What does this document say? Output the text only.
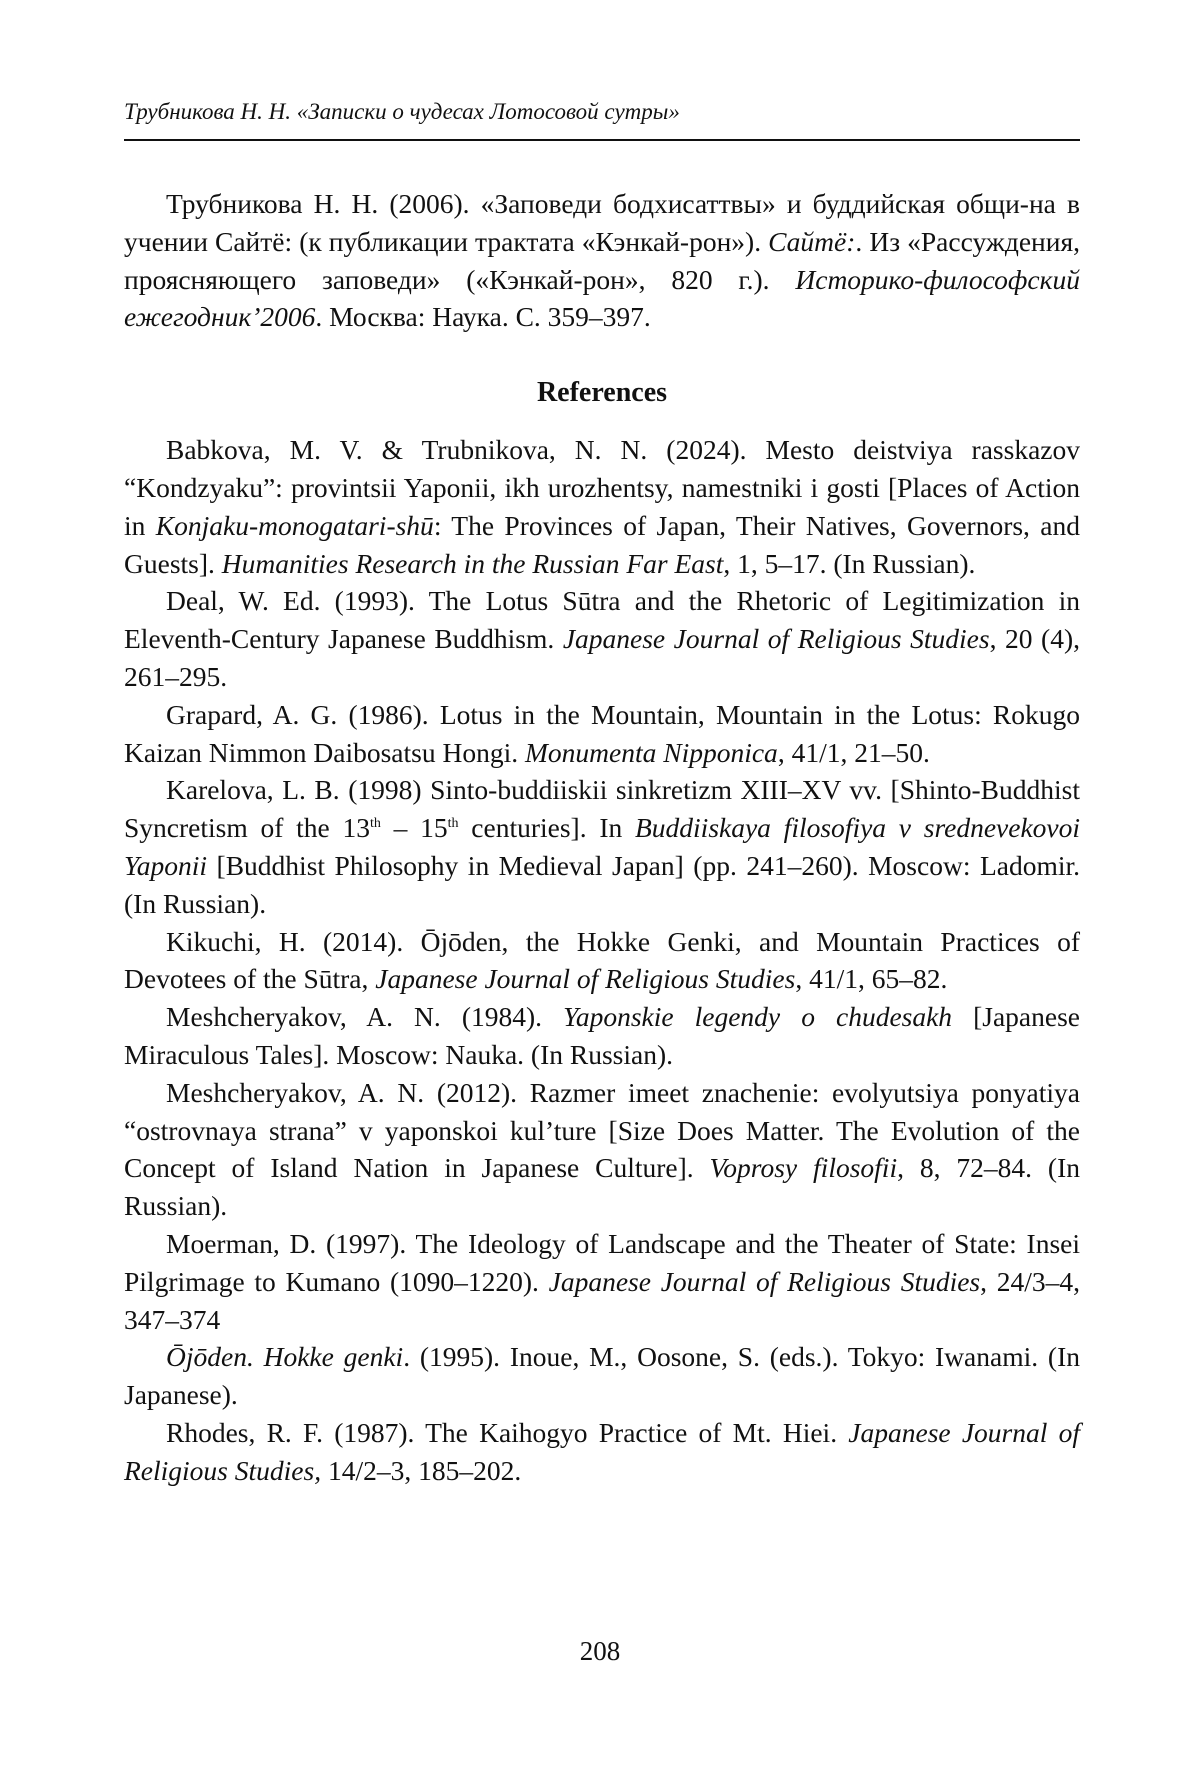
Трубникова Н. Н. «Записки о чудесах Лотосовой сутры»

Трубникова Н. Н. (2006). «Заповеди бодхисаттвы» и буддийская общи-на в учении Сайтё: (к публикации трактата «Кэнкай-рон»). Сайтё:. Из «Рассуждения, проясняющего заповеди» («Кэнкай-рон», 820 г.). Историко-философский ежегодник’2006. Москва: Наука. С. 359–397.

References

Babkova, M. V. & Trubnikova, N. N. (2024). Mesto deistviya rasskazov “Kondzyaku”: provintsii Yaponii, ikh urozhentsy, namestniki i gosti [Places of Action in Konjaku-monogatari-shū: The Provinces of Japan, Their Natives, Governors, and Guests]. Humanities Research in the Russian Far East, 1, 5–17. (In Russian).

Deal, W. Ed. (1993). The Lotus Sūtra and the Rhetoric of Legitimization in Eleventh-Century Japanese Buddhism. Japanese Journal of Religious Studies, 20 (4), 261–295.

Grapard, A. G. (1986). Lotus in the Mountain, Mountain in the Lotus: Rokugo Kaizan Nimmon Daibosatsu Hongi. Monumenta Nipponica, 41/1, 21–50.

Karelova, L. B. (1998) Sinto-buddiiskii sinkretizm XIII–XV vv. [Shinto-Buddhist Syncretism of the 13th – 15th centuries]. In Buddiiskaya filosofiya v srednevekovoi Yaponii [Buddhist Philosophy in Medieval Japan] (pp. 241–260). Moscow: Ladomir. (In Russian).

Kikuchi, H. (2014). Ōjōden, the Hokke Genki, and Mountain Practices of Devotees of the Sūtra, Japanese Journal of Religious Studies, 41/1, 65–82.

Meshcheryakov, A. N. (1984). Yaponskie legendy o chudesakh [Japanese Miraculous Tales]. Moscow: Nauka. (In Russian).

Meshcheryakov, A. N. (2012). Razmer imeet znachenie: evolyutsiya ponyatiya “ostrovnaya strana” v yaponskoi kul’ture [Size Does Matter. The Evolution of the Concept of Island Nation in Japanese Culture]. Voprosy filosofii, 8, 72–84. (In Russian).

Moerman, D. (1997). The Ideology of Landscape and the Theater of State: Insei Pilgrimage to Kumano (1090–1220). Japanese Journal of Religious Studies, 24/3–4, 347–374

Ōjōden. Hokke genki. (1995). Inoue, M., Oosone, S. (eds.). Tokyo: Iwanami. (In Japanese).

Rhodes, R. F. (1987). The Kaihogyo Practice of Mt. Hiei. Japanese Journal of Religious Studies, 14/2–3, 185–202.

208
